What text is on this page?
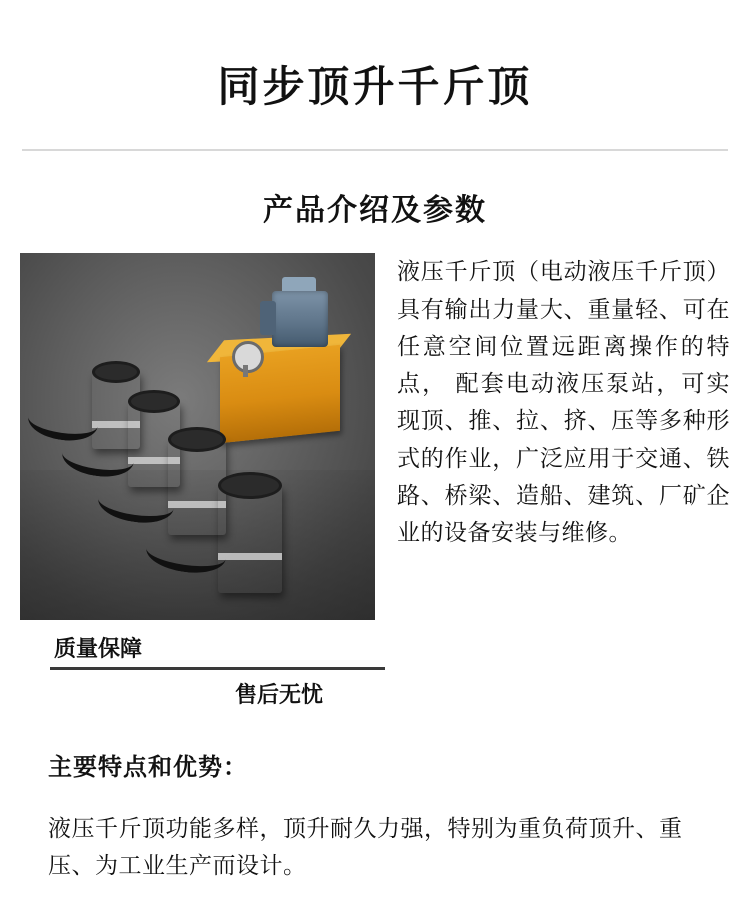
同步顶升千斤顶
产品介绍及参数
液压千斤顶（电动液压千斤顶）具有输出力量大、重量轻、可在任意空间位置远距离操作的特点， 配套电动液压泵站，可实现顶、推、拉、挤、压等多种形式的作业，广泛应用于交通、铁路、桥梁、造船、建筑、厂矿企业的设备安装与维修。
质量保障
售后无忧
主要特点和优势：
液压千斤顶功能多样，顶升耐久力强，特别为重负荷顶升、重压、为工业生产而设计。
